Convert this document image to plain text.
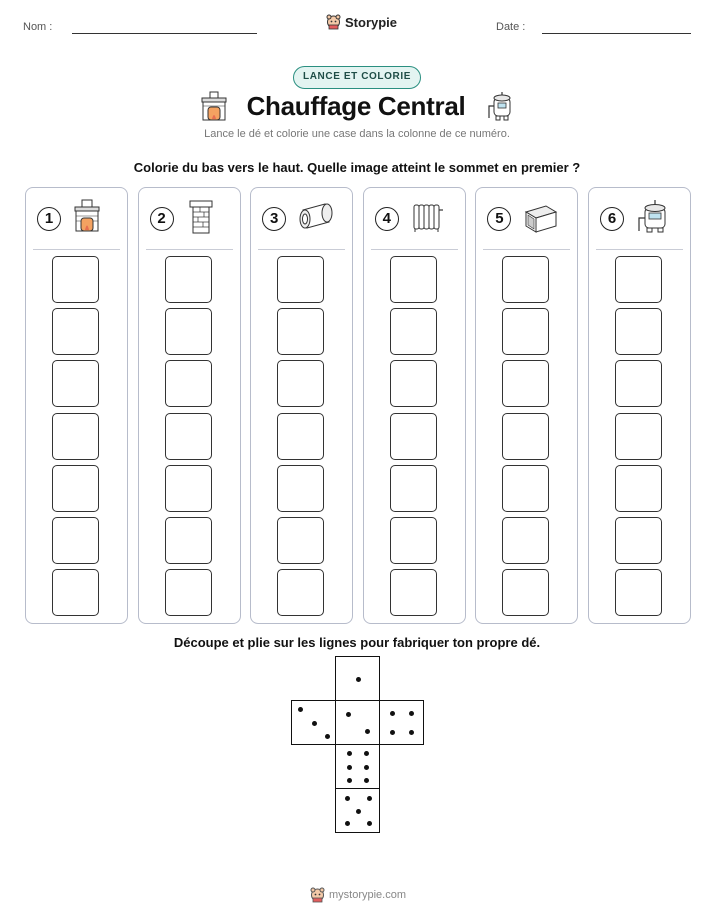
Nom :	Storypie	Date :
LANCE ET COLORIE
Chauffage Central
Lance le dé et colorie une case dans la colonne de ce numéro.
Colorie du bas vers le haut. Quelle image atteint le sommet en premier ?
1	2	3	4	5	6
Découpe et plie sur les lignes pour fabriquer ton propre dé.
mystorypie.com
